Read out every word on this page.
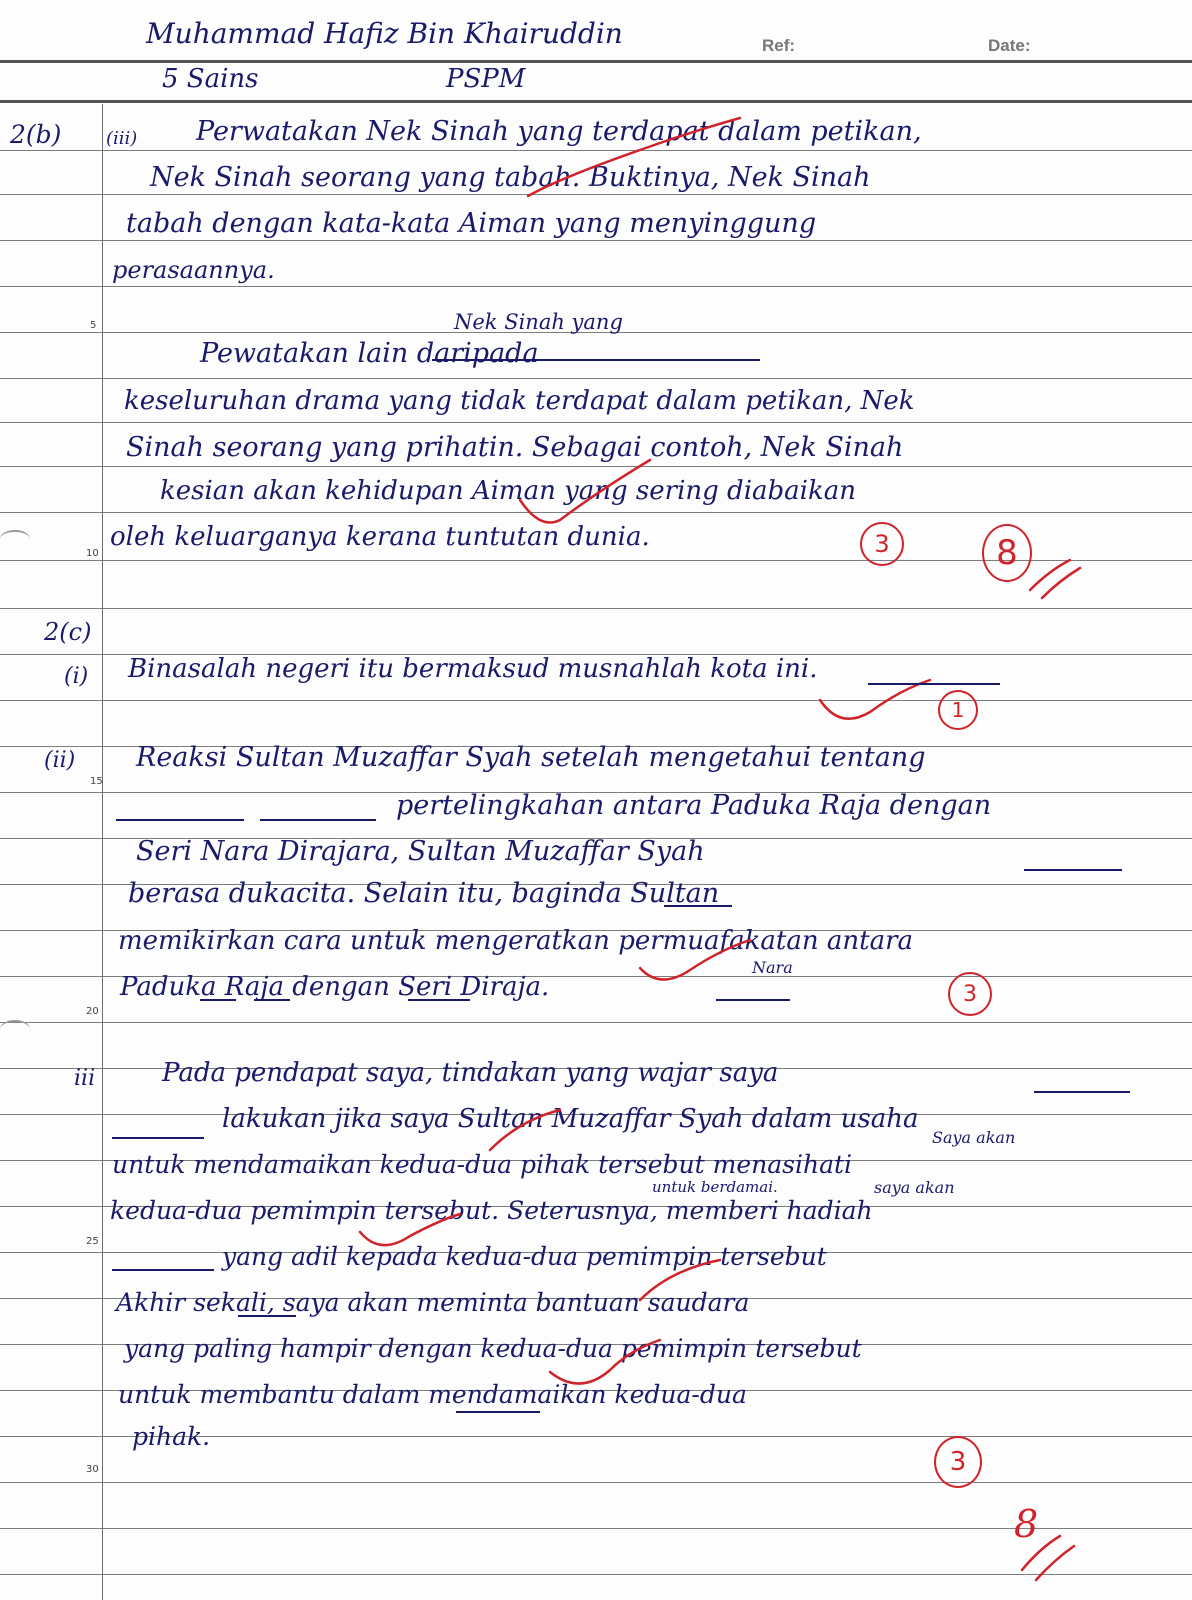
5
10
15
20
25
30
Muhammad Hafiz Bin Khairuddin	Ref:	Date:
5 Sains	PSPM
2(b) (iii) Perwatakan Nek Sinah yang terdapat dalam petikan,
Nek Sinah seorang yang tabah. Buktinya, Nek Sinah
tabah dengan kata-kata Aiman yang menyinggung
perasaannya.
Nek Sinah yang
Pewatakan lain daripada
keseluruhan drama yang tidak terdapat dalam petikan, Nek
Sinah seorang yang prihatin. Sebagai contoh, Nek Sinah
kesian akan kehidupan Aiman yang sering diabaikan
oleh keluarganya kerana tuntutan dunia.	3	8
2(c)
(i) Binasalah negeri itu bermaksud musnahlah kota ini.
1
(ii) Reaksi Sultan Muzaffar Syah setelah mengetahui tentang
pertelingkahan antara Paduka Raja dengan
Seri Nara Dirajara, Sultan Muzaffar Syah
berasa dukacita. Selain itu, baginda Sultan
memikirkan cara untuk mengeratkan permuafakatan antara
Nara
Paduka Raja dengan Seri Diraja.	3
iii	Pada pendapat saya, tindakan yang wajar saya
lakukan jika saya Sultan Muzaffar Syah dalam usaha
Saya akan
untuk mendamaikan kedua-dua pihak tersebut menasihati
untuk berdamai.	saya akan
kedua-dua pemimpin tersebut. Seterusnya, memberi hadiah
yang adil kepada kedua-dua pemimpin tersebut
Akhir sekali, saya akan meminta bantuan saudara
yang paling hampir dengan kedua-dua pemimpin tersebut
untuk membantu dalam mendamaikan kedua-dua
pihak.
3
8
